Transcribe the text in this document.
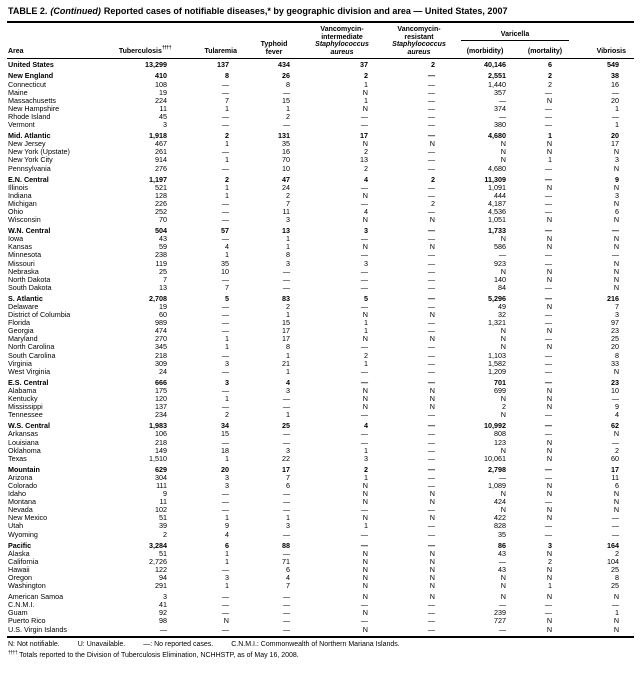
TABLE 2. (Continued) Reported cases of notifiable diseases,* by geographic division and area — United States, 2007
Area	Tuberculosis††††	Tularemia	
Typhoid
fever

Vancomycin-
intermediate
Staphylococcus
aureus

Vancomycin-
resistant
Staphylococcus
aureus

Varicella
	Vibriosis
						(morbidity)	(mortality)	
United States	13,299	137	434	37	2	40,146	6	549
New England	410	8	26	2	—	2,551	2	38
Connecticut	108	—	8	1	—	1,440	2	16
Maine	19	—	—	N	—	357	—	—
Massachusetts	224	7	15	1	—	—	N	20
New Hampshire	11	1	1	N	—	374	—	1
Rhode Island	45	—	2	—	—	—	—	—
Vermont	3	—	—	—	—	380	—	1
Mid. Atlantic	1,918	2	131	17	—	4,680	1	20
New Jersey	467	1	35	N	N	N	N	17
New York (Upstate)	261	—	16	2	—	N	N	N
New York City	914	1	70	13	—	N	1	3
Pennsylvania	276	—	10	2	—	4,680	—	N
E.N. Central	1,197	2	47	4	2	11,309	—	9
Illinois	521	1	24	—	—	1,091	N	N
Indiana	128	1	2	N	—	444	—	3
Michigan	226	—	7	—	2	4,187	—	N
Ohio	252	—	11	4	—	4,536	—	6
Wisconsin	70	—	3	N	N	1,051	N	N
W.N. Central	504	57	13	3	—	1,733	—	—
Iowa	43	—	1	—	—	N	N	N
Kansas	59	4	1	N	N	586	N	N
Minnesota	238	1	8	—	—	—	—	—
Missouri	119	35	3	3	—	923	—	N
Nebraska	25	10	—	—	—	N	N	N
North Dakota	7	—	—	—	—	140	N	N
South Dakota	13	7	—	—	—	84	—	N
S. Atlantic	2,708	5	83	5	—	5,296	—	216
Delaware	19	—	2	—	—	49	N	7
District of Columbia	60	—	1	N	N	32	—	3
Florida	989	—	15	1	—	1,321	—	97
Georgia	474	—	17	1	—	N	N	23
Maryland	270	1	17	N	N	N	—	25
North Carolina	345	1	8	—	—	N	N	20
South Carolina	218	—	1	2	—	1,103	—	8
Virginia	309	3	21	1	—	1,582	—	33
West Virginia	24	—	1	—	—	1,209	—	N
E.S. Central	666	3	4	—	—	701	—	23
Alabama	175	—	3	N	N	699	N	10
Kentucky	120	1	—	N	N	N	N	—
Mississippi	137	—	—	N	N	2	N	9
Tennessee	234	2	1	—	—	N	—	4
W.S. Central	1,983	34	25	4	—	10,992	—	62
Arkansas	106	15	—	—	—	808	—	N
Louisiana	218	—	—	—	—	123	N	—
Oklahoma	149	18	3	1	—	N	N	2
Texas	1,510	1	22	3	—	10,061	N	60
Mountain	629	20	17	2	—	2,798	—	17
Arizona	304	3	7	1	—	—	—	11
Colorado	111	3	6	N	—	1,089	N	6
Idaho	9	—	—	N	N	N	N	N
Montana	11	—	—	N	N	424	—	N
Nevada	102	—	—	—	—	N	N	N
New Mexico	51	1	1	N	N	422	N	—
Utah	39	9	3	1	—	828	—	—
Wyoming	2	4	—	—	—	35	—	—
Pacific	3,284	6	88	—	—	86	3	164
Alaska	51	1	—	N	N	43	N	2
California	2,726	1	71	N	N	—	2	104
Hawaii	122	—	6	N	N	43	N	25
Oregon	94	3	4	N	N	N	N	8
Washington	291	1	7	N	N	N	1	25
American Samoa	3	—	—	N	N	N	N	N
C.N.M.I.	41	—	—	—	—	—	—	—
Guam	92	—	—	N	—	239	—	1
Puerto Rico	98	N	—	—	—	727	N	N
U.S. Virgin Islands	—	—	—	N	—	—	N	N
N: Not notifiable.	U: Unavailable.	—: No reported cases.	C.N.M.I.: Commonwealth of Northern Mariana Islands.
†††† Totals reported to the Division of Tuberculosis Elimination, NCHHSTP, as of May 16, 2008.
